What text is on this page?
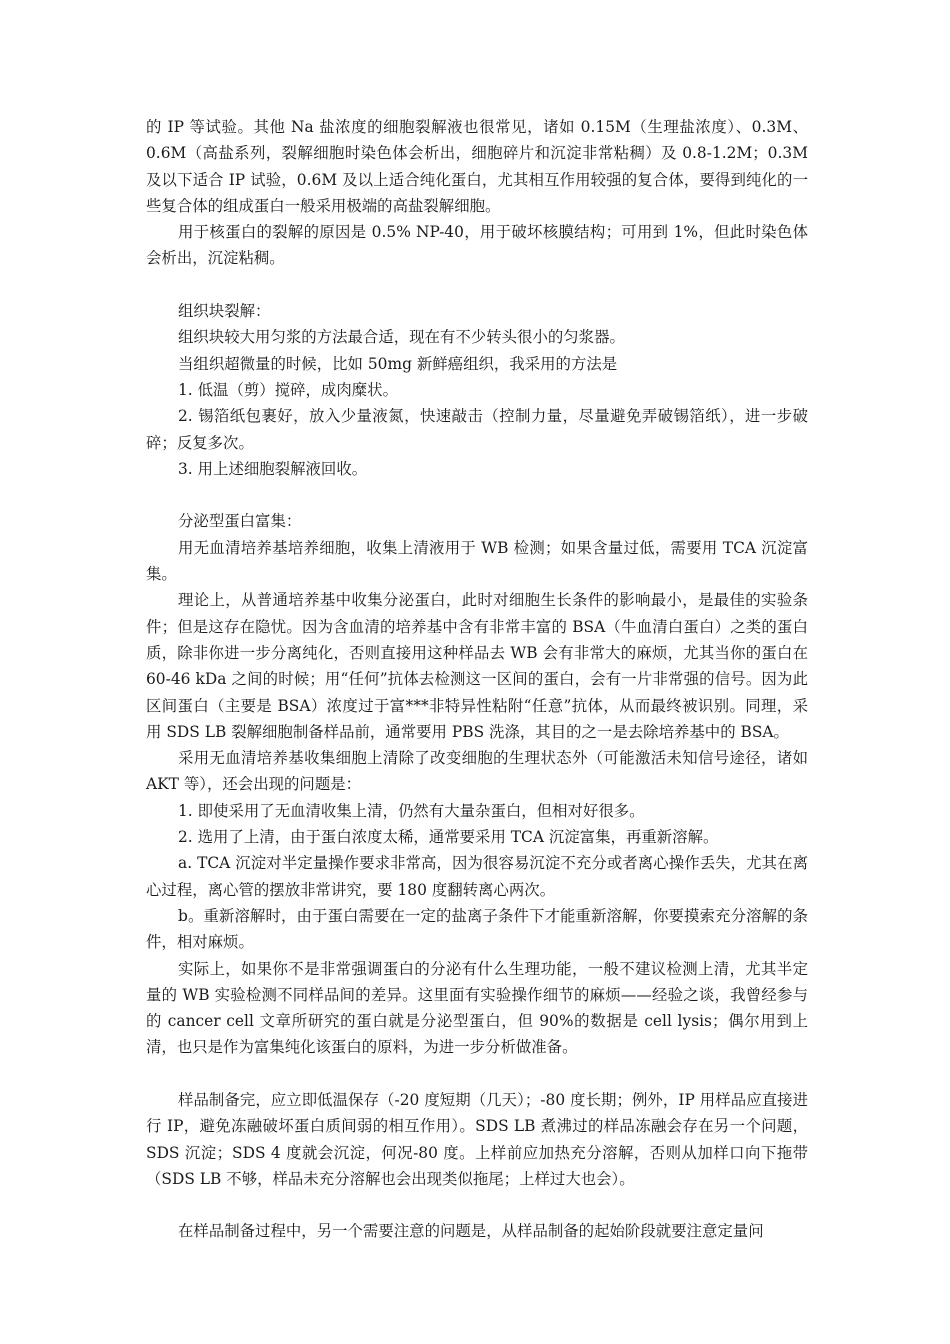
的 IP 等试验。其他 Na 盐浓度的细胞裂解液也很常见，诸如 0.15M（生理盐浓度）、0.3M、0.6M（高盐系列，裂解细胞时染色体会析出，细胞碎片和沉淀非常粘稠）及 0.8-1.2M；0.3M 及以下适合 IP 试验，0.6M 及以上适合纯化蛋白，尤其相互作用较强的复合体，要得到纯化的一些复合体的组成蛋白一般采用极端的高盐裂解细胞。

用于核蛋白的裂解的原因是 0.5% NP-40，用于破坏核膜结构；可用到 1%，但此时染色体会析出，沉淀粘稠。

组织块裂解：

组织块较大用匀浆的方法最合适，现在有不少转头很小的匀浆器。

当组织超微量的时候，比如 50mg 新鲜癌组织，我采用的方法是

1. 低温（剪）搅碎，成肉糜状。

2. 锡箔纸包裹好，放入少量液氮，快速敲击（控制力量，尽量避免弄破锡箔纸），进一步破碎；反复多次。

3. 用上述细胞裂解液回收。

分泌型蛋白富集：

用无血清培养基培养细胞，收集上清液用于 WB 检测；如果含量过低，需要用 TCA 沉淀富集。

理论上，从普通培养基中收集分泌蛋白，此时对细胞生长条件的影响最小，是最佳的实验条件；但是这存在隐忧。因为含血清的培养基中含有非常丰富的 BSA（牛血清白蛋白）之类的蛋白质，除非你进一步分离纯化，否则直接用这种样品去 WB 会有非常大的麻烦，尤其当你的蛋白在 60-46 kDa 之间的时候；用“任何”抗体去检测这一区间的蛋白，会有一片非常强的信号。因为此区间蛋白（主要是 BSA）浓度过于富***非特异性粘附“任意”抗体，从而最终被识别。同理，采用 SDS LB 裂解细胞制备样品前，通常要用 PBS 洗涤，其目的之一是去除培养基中的 BSA。

采用无血清培养基收集细胞上清除了改变细胞的生理状态外（可能激活未知信号途径，诸如 AKT 等），还会出现的问题是：

1. 即使采用了无血清收集上清，仍然有大量杂蛋白，但相对好很多。

2. 选用了上清，由于蛋白浓度太稀，通常要采用 TCA 沉淀富集，再重新溶解。

a. TCA 沉淀对半定量操作要求非常高，因为很容易沉淀不充分或者离心操作丢失，尤其在离心过程，离心管的摆放非常讲究，要 180 度翻转离心两次。

b。重新溶解时，由于蛋白需要在一定的盐离子条件下才能重新溶解，你要摸索充分溶解的条件，相对麻烦。

实际上，如果你不是非常强调蛋白的分泌有什么生理功能，一般不建议检测上清，尤其半定量的 WB 实验检测不同样品间的差异。这里面有实验操作细节的麻烦——经验之谈，我曾经参与的 cancer cell 文章所研究的蛋白就是分泌型蛋白，但 90%的数据是 cell lysis；偶尔用到上清，也只是作为富集纯化该蛋白的原料，为进一步分析做准备。

样品制备完，应立即低温保存（-20 度短期（几天）；-80 度长期；例外，IP 用样品应直接进行 IP，避免冻融破坏蛋白质间弱的相互作用）。SDS LB 煮沸过的样品冻融会存在另一个问题，SDS 沉淀；SDS 4 度就会沉淀，何况-80 度。上样前应加热充分溶解，否则从加样口向下拖带（SDS LB 不够，样品未充分溶解也会出现类似拖尾；上样过大也会）。

在样品制备过程中，另一个需要注意的问题是，从样品制备的起始阶段就要注意定量问
